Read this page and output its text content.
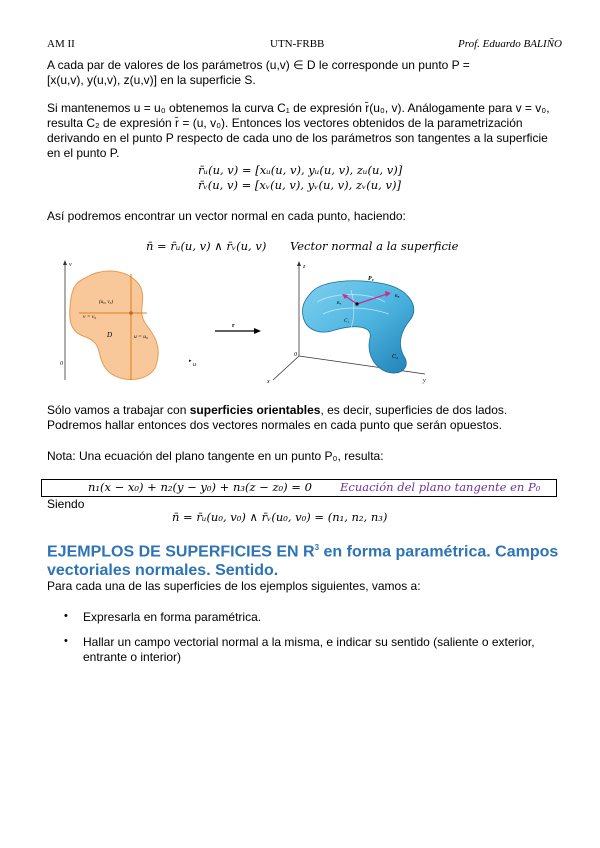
AM II	UTN-FRBB	Prof. Eduardo BALIÑO
A cada par de valores de los parámetros (u,v) ∈ D le corresponde un punto P =
[x(u,v), y(u,v), z(u,v)] en la superficie S.
Si mantenemos u = u₀ obtenemos la curva C₁ de expresión r̄(u₀, v). Análogamente para v = v₀,
resulta C₂ de expresión r̄ = (u, v₀). Entonces los vectores obtenidos de la parametrización
derivando en el punto P respecto de cada uno de los parámetros son tangentes a la superficie
en el punto P.
r̄ᵤ(u, v) = [xᵤ(u, v), yᵤ(u, v), zᵤ(u, v)]
r̄ᵥ(u, v) = [xᵥ(u, v), yᵥ(u, v), zᵥ(u, v)]
Así podremos encontrar un vector normal en cada punto, haciendo:
n̄ = r̄ᵤ(u, v) ∧ r̄ᵥ(u, v) Vector normal a la superficie
v
u
▸
0
(u₀, v₀)
v = v₀
u = u₀
D
r
z
x	y
0
P₀
rᵥ
rᵤ
C₁
C₂
Sólo vamos a trabajar con superficies orientables, es decir, superficies de dos lados.
Podremos hallar entonces dos vectores normales en cada punto que serán opuestos.
Nota: Una ecuación del plano tangente en un punto P₀, resulta:
n₁(x − x₀) + n₂(y − y₀) + n₃(z − z₀) = 0 Ecuación del plano tangente en P₀
Siendo
n̄ = r̄ᵤ(u₀, v₀) ∧ r̄ᵥ(u₀, v₀) = (n₁, n₂, n₃)
EJEMPLOS DE SUPERFICIES EN $R^3$ en forma paramétrica. Campos
vectoriales normales. Sentido.
Para cada una de las superficies de los ejemplos siguientes, vamos a:
• Expresarla en forma paramétrica.
• Hallar un campo vectorial normal a la misma, e indicar su sentido (saliente o exterior, entrante o interior)
